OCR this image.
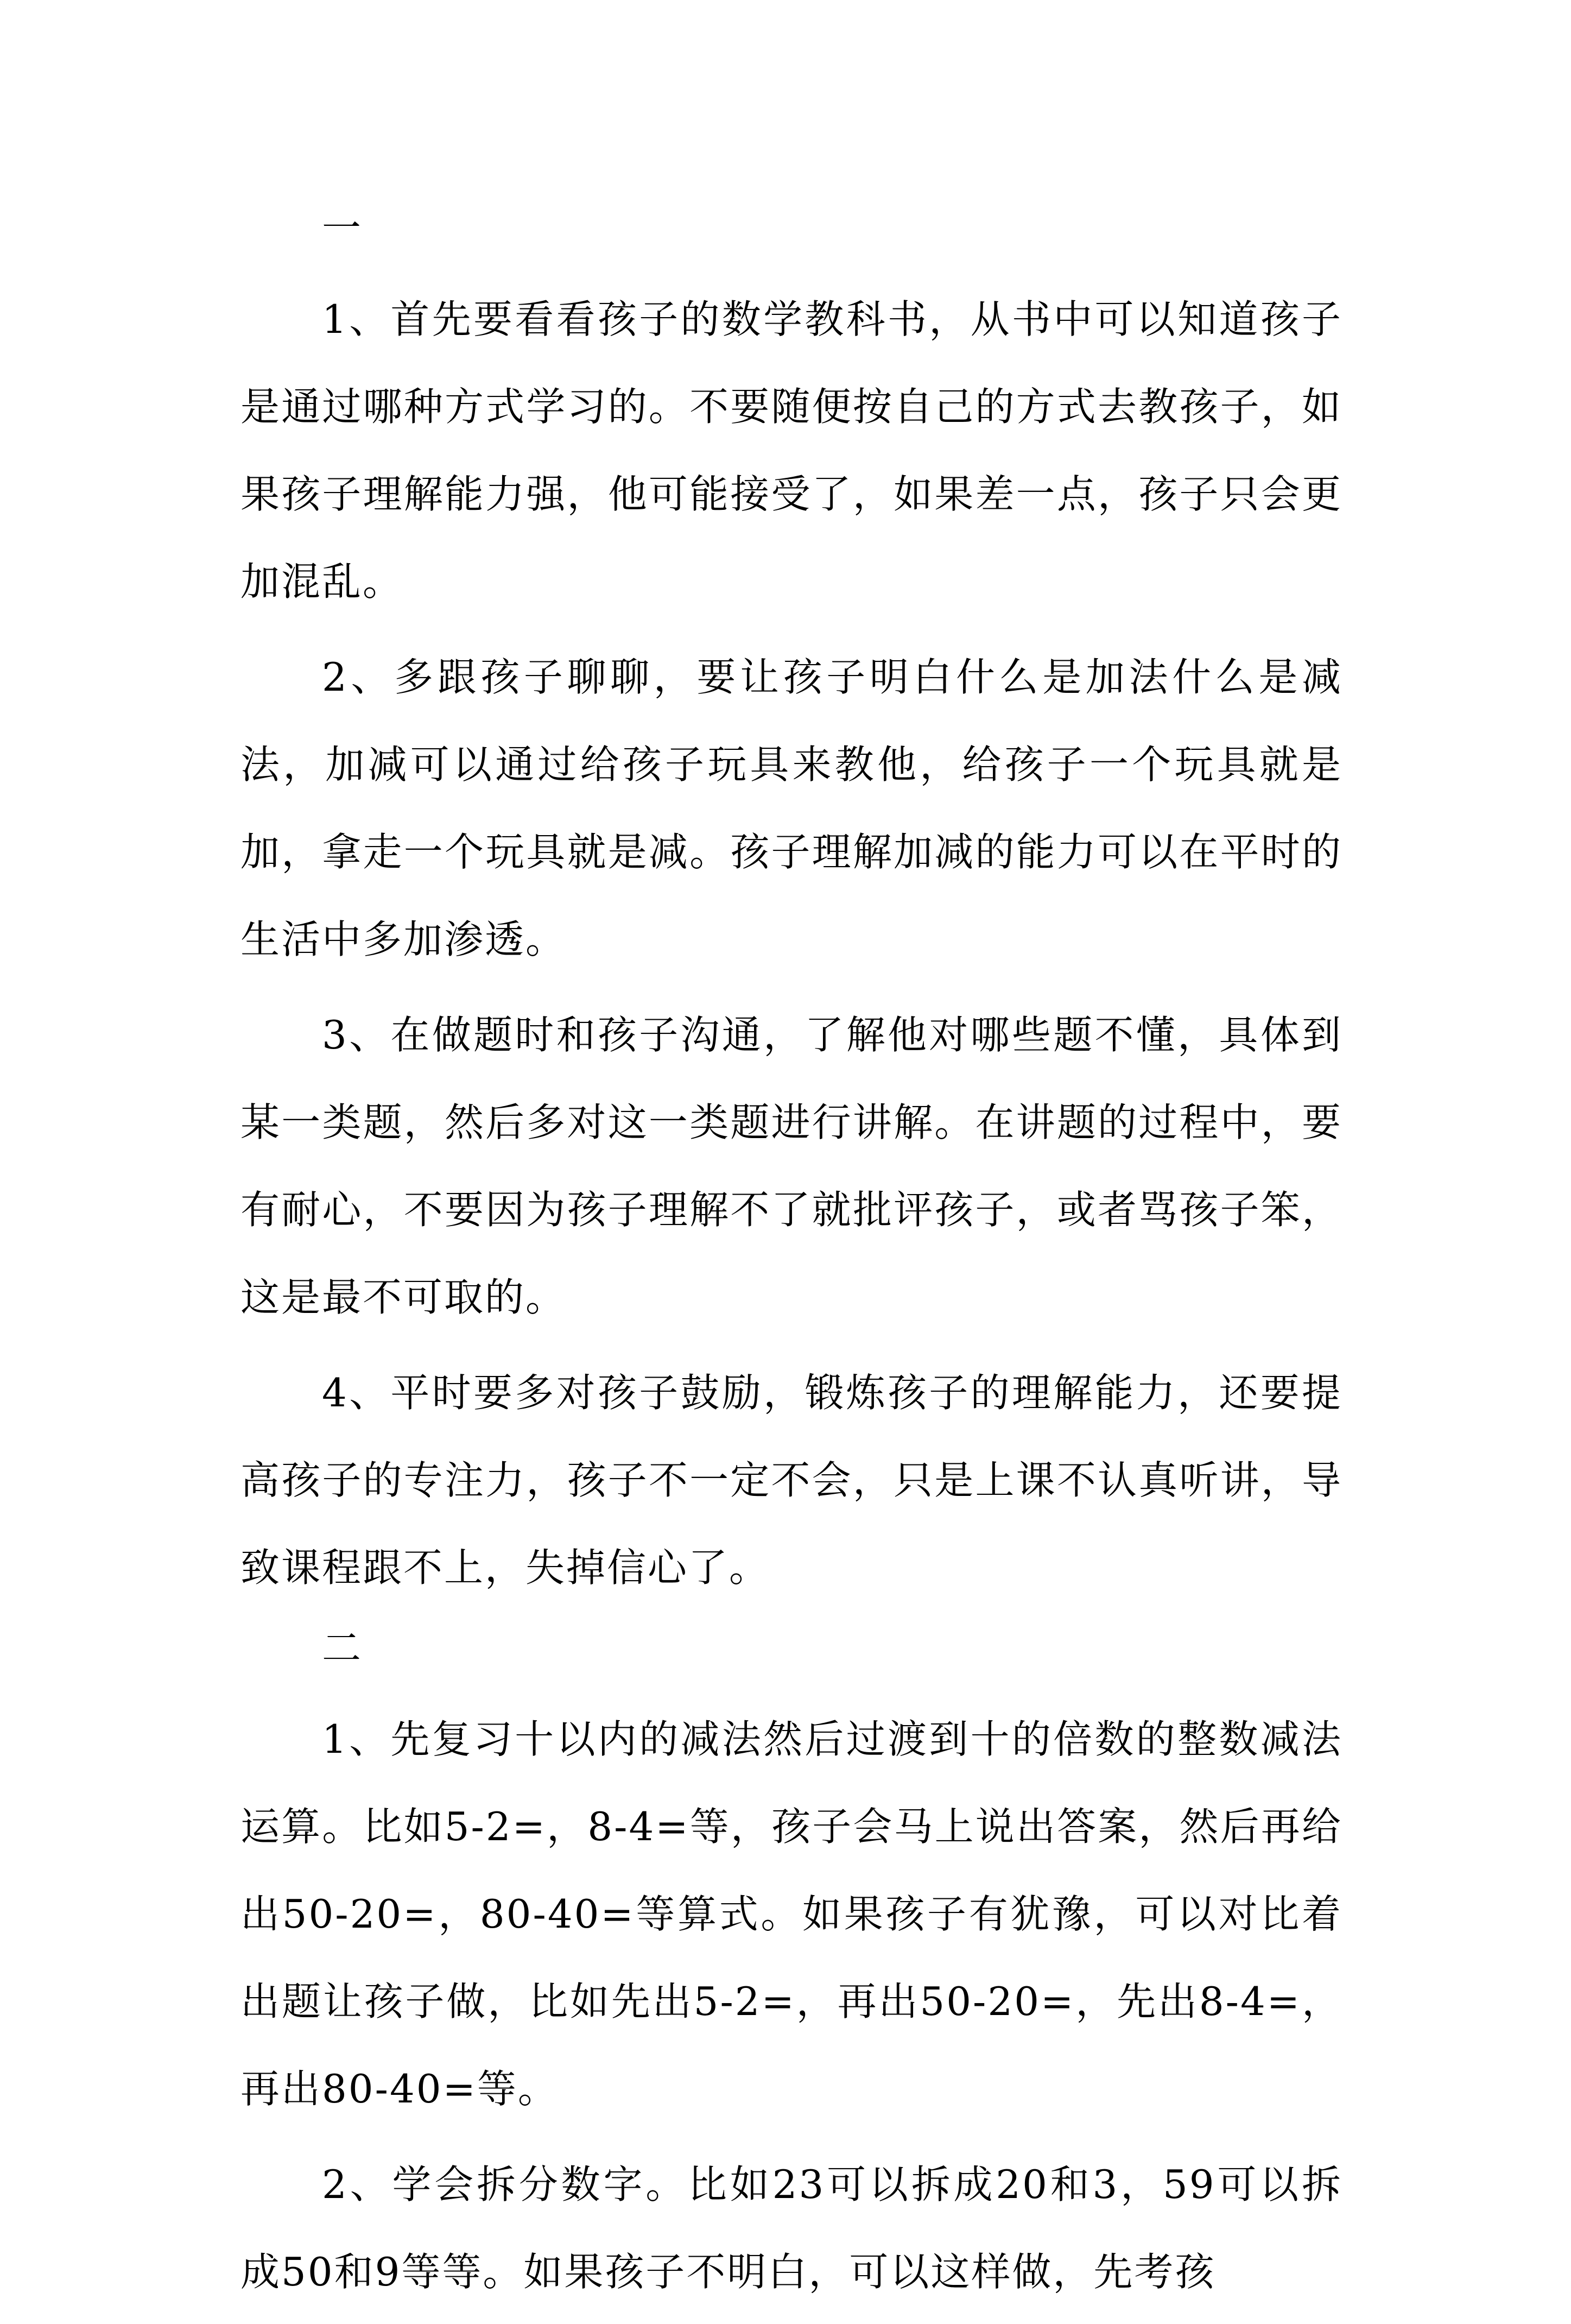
一

1、首先要看看孩子的数学教科书，从书中可以知道孩子是通过哪种方式学习的。不要随便按自己的方式去教孩子，如果孩子理解能力强，他可能接受了，如果差一点，孩子只会更加混乱。

2、多跟孩子聊聊，要让孩子明白什么是加法什么是减法，加减可以通过给孩子玩具来教他，给孩子一个玩具就是加，拿走一个玩具就是减。孩子理解加减的能力可以在平时的生活中多加渗透。

3、在做题时和孩子沟通，了解他对哪些题不懂，具体到某一类题，然后多对这一类题进行讲解。在讲题的过程中，要有耐心，不要因为孩子理解不了就批评孩子，或者骂孩子笨，这是最不可取的。

4、平时要多对孩子鼓励，锻炼孩子的理解能力，还要提高孩子的专注力，孩子不一定不会，只是上课不认真听讲，导致课程跟不上，失掉信心了。

二

1、先复习十以内的减法然后过渡到十的倍数的整数减法运算。比如5-2=，8-4=等，孩子会马上说出答案，然后再给出50-20=，80-40=等算式。如果孩子有犹豫，可以对比着出题让孩子做，比如先出5-2=，再出50-20=，先出8-4=，再出80-40=等。

2、学会拆分数字。比如23可以拆成20和3，59可以拆成50和9等等。如果孩子不明白，可以这样做，先考孩
